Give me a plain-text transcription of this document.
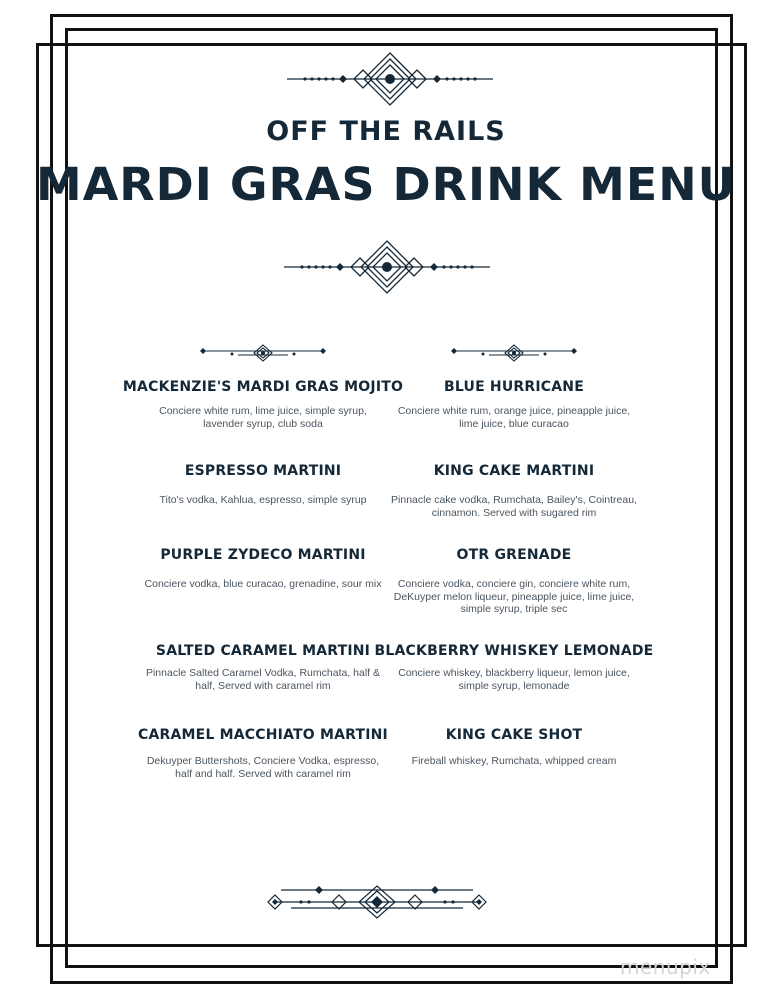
OFF THE RAILS
MARDI GRAS DRINK MENU
MACKENZIE'S MARDI GRAS MOJITO
Conciere white rum, lime juice, simple syrup, lavender syrup, club soda
ESPRESSO MARTINI
Tito's vodka, Kahlua, espresso, simple syrup
PURPLE ZYDECO MARTINI
Conciere vodka, blue curacao, grenadine, sour mix
SALTED CARAMEL MARTINI
Pinnacle Salted Caramel Vodka, Rumchata, half & half, Served with caramel rim
CARAMEL MACCHIATO MARTINI
Dekuyper Buttershots, Conciere Vodka, espresso, half and half. Served with caramel rim
BLUE HURRICANE
Conciere white rum, orange juice, pineapple juice, lime juice, blue curacao
KING CAKE MARTINI
Pinnacle cake vodka, Rumchata, Bailey's, Cointreau, cinnamon. Served with sugared rim
OTR GRENADE
Conciere vodka, conciere gin, conciere white rum, DeKuyper melon liqueur, pineapple juice, lime juice, simple syrup, triple sec
BLACKBERRY WHISKEY LEMONADE
Conciere whiskey, blackberry liqueur, lemon juice, simple syrup, lemonade
KING CAKE SHOT
Fireball whiskey, Rumchata, whipped cream
menupix
